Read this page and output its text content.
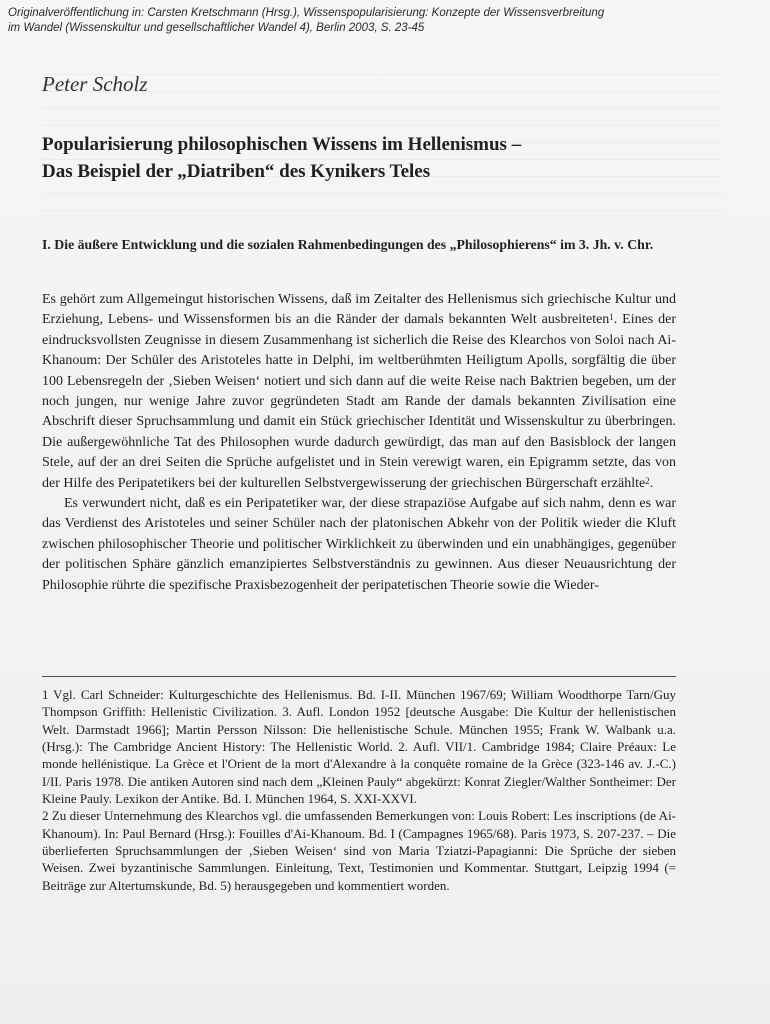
Originalveröffentlichung in: Carsten Kretschmann (Hrsg.), Wissenspopularisierung: Konzepte der Wissensverbreitung
im Wandel (Wissenskultur und gesellschaftlicher Wandel 4), Berlin 2003, S. 23-45
Peter Scholz
Popularisierung philosophischen Wissens im Hellenismus –
Das Beispiel der „Diatriben“ des Kynikers Teles
I. Die äußere Entwicklung und die sozialen Rahmenbedingungen des „Philosophierens“ im 3. Jh. v. Chr.

Es gehört zum Allgemeingut historischen Wissens, daß im Zeitalter des Hellenismus sich griechische Kultur und Erziehung, Lebens- und Wissensformen bis an die Ränder der damals bekannten Welt ausbreiteten$^1$. Eines der eindrucksvollsten Zeugnisse in diesem Zusammenhang ist sicherlich die Reise des Klearchos von Soloi nach Ai-Khanoum: Der Schüler des Aristoteles hatte in Delphi, im weltberühmten Heiligtum Apolls, sorgfältig die über 100 Lebensregeln der ‚Sieben Weisen‘ notiert und sich dann auf die weite Reise nach Baktrien begeben, um der noch jungen, nur wenige Jahre zuvor gegründeten Stadt am Rande der damals bekannten Zivilisation eine Abschrift dieser Spruchsammlung und damit ein Stück griechischer Identität und Wissenskultur zu überbringen. Die außergewöhnliche Tat des Philosophen wurde dadurch gewürdigt, das man auf den Basisblock der langen Stele, auf der an drei Seiten die Sprüche aufgelistet und in Stein verewigt waren, ein Epigramm setzte, das von der Hilfe des Peripatetikers bei der kulturellen Selbstvergewisserung der griechischen Bürgerschaft erzählte$^2$.

Es verwundert nicht, daß es ein Peripatetiker war, der diese strapaziöse Aufgabe auf sich nahm, denn es war das Verdienst des Aristoteles und seiner Schüler nach der platonischen Abkehr von der Politik wieder die Kluft zwischen philosophischer Theorie und politischer Wirklichkeit zu überwinden und ein unabhängiges, gegenüber der politischen Sphäre gänzlich emanzipiertes Selbstverständnis zu gewinnen. Aus dieser Neuausrichtung der Philosophie rührte die spezifische Praxisbezogenheit der peripatetischen Theorie sowie die Wieder-

1 Vgl. Carl Schneider: Kulturgeschichte des Hellenismus. Bd. I-II. München 1967/69; William Woodthorpe Tarn/Guy Thompson Griffith: Hellenistic Civilization. 3. Aufl. London 1952 [deutsche Ausgabe: Die Kultur der hellenistischen Welt. Darmstadt 1966]; Martin Persson Nilsson: Die hellenistische Schule. München 1955; Frank W. Walbank u.a. (Hrsg.): The Cambridge Ancient History: The Hellenistic World. 2. Aufl. VII/1. Cambridge 1984; Claire Préaux: Le monde hellénistique. La Grèce et l'Orient de la mort d'Alexandre à la conquête romaine de la Grèce (323-146 av. J.-C.) I/II. Paris 1978. Die antiken Autoren sind nach dem „Kleinen Pauly“ abgekürzt: Konrat Ziegler/Walther Sontheimer: Der Kleine Pauly. Lexikon der Antike. Bd. I. München 1964, S. XXI-XXVI.

2 Zu dieser Unternehmung des Klearchos vgl. die umfassenden Bemerkungen von: Louis Robert: Les inscriptions (de Ai-Khanoum). In: Paul Bernard (Hrsg.): Fouilles d'Ai-Khanoum. Bd. I (Campagnes 1965/68). Paris 1973, S. 207-237. – Die überlieferten Spruchsammlungen der ‚Sieben Weisen‘ sind von Maria Tziatzi-Papagianni: Die Sprüche der sieben Weisen. Zwei byzantinische Sammlungen. Einleitung, Text, Testimonien und Kommentar. Stuttgart, Leipzig 1994 (= Beiträge zur Altertumskunde, Bd. 5) herausgegeben und kommentiert worden.
